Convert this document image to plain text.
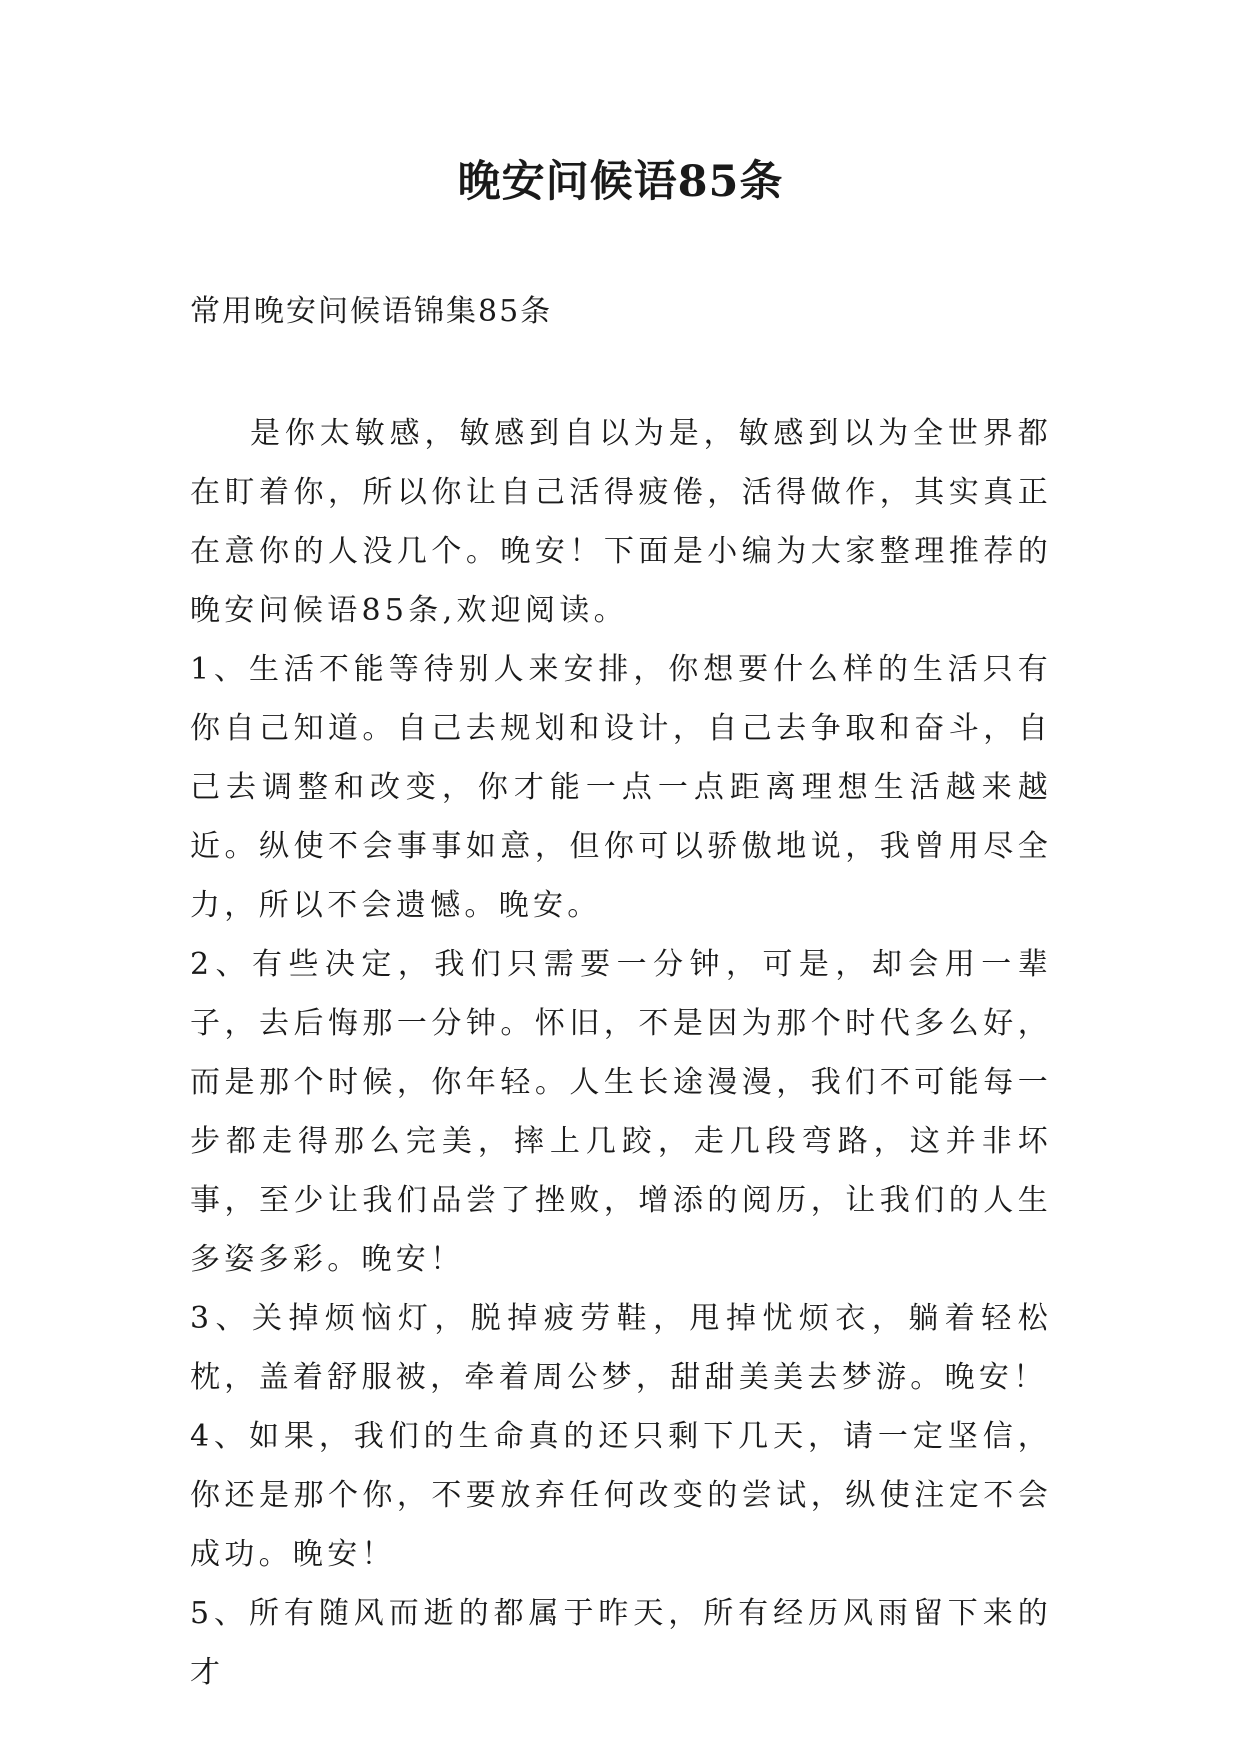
晚安问候语85条
常用晚安问候语锦集85条

是你太敏感，敏感到自以为是，敏感到以为全世界都在盯着你，所以你让自己活得疲倦，活得做作，其实真正在意你的人没几个。晚安！下面是小编为大家整理推荐的晚安问候语85条,欢迎阅读。

1、生活不能等待别人来安排，你想要什么样的生活只有你自己知道。自己去规划和设计，自己去争取和奋斗，自己去调整和改变，你才能一点一点距离理想生活越来越近。纵使不会事事如意，但你可以骄傲地说，我曾用尽全力，所以不会遗憾。晚安。

2、有些决定，我们只需要一分钟，可是，却会用一辈子，去后悔那一分钟。怀旧，不是因为那个时代多么好，而是那个时候，你年轻。人生长途漫漫，我们不可能每一步都走得那么完美，摔上几跤，走几段弯路，这并非坏事，至少让我们品尝了挫败，增添的阅历，让我们的人生多姿多彩。晚安！

3、关掉烦恼灯，脱掉疲劳鞋，甩掉忧烦衣，躺着轻松枕，盖着舒服被，牵着周公梦，甜甜美美去梦游。晚安！

4、如果，我们的生命真的还只剩下几天，请一定坚信，你还是那个你，不要放弃任何改变的尝试，纵使注定不会成功。晚安！

5、所有随风而逝的都属于昨天，所有经历风雨留下来的才
